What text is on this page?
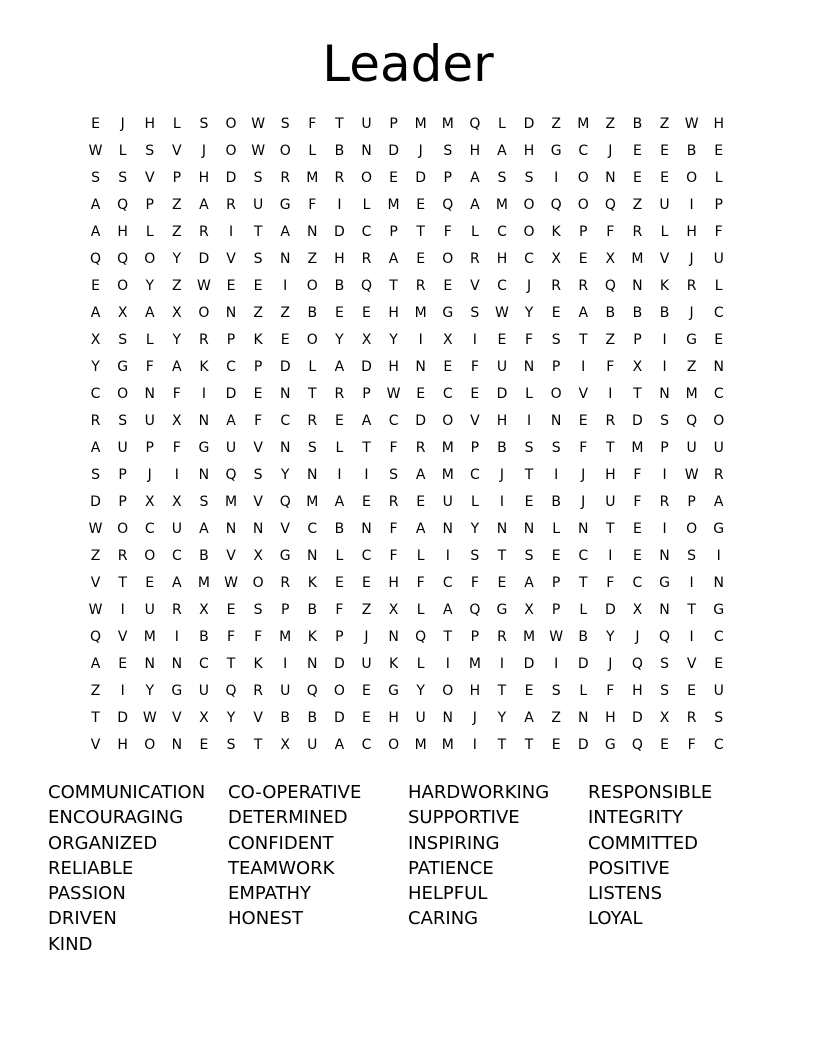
Leader
E	J	H	L	S	O	W	S	F	T	U	P	M	M	Q	L	D	Z	M	Z	B	Z	W	H
W	L	S	V	J	O	W	O	L	B	N	D	J	S	H	A	H	G	C	J	E	E	B	E
S	S	V	P	H	D	S	R	M	R	O	E	D	P	A	S	S	I	O	N	E	E	O	L
A	Q	P	Z	A	R	U	G	F	I	L	M	E	Q	A	M	O	Q	O	Q	Z	U	I	P
A	H	L	Z	R	I	T	A	N	D	C	P	T	F	L	C	O	K	P	F	R	L	H	F
Q	Q	O	Y	D	V	S	N	Z	H	R	A	E	O	R	H	C	X	E	X	M	V	J	U
E	O	Y	Z	W	E	E	I	O	B	Q	T	R	E	V	C	J	R	R	Q	N	K	R	L
A	X	A	X	O	N	Z	Z	B	E	E	H	M	G	S	W	Y	E	A	B	B	B	J	C
X	S	L	Y	R	P	K	E	O	Y	X	Y	I	X	I	E	F	S	T	Z	P	I	G	E
Y	G	F	A	K	C	P	D	L	A	D	H	N	E	F	U	N	P	I	F	X	I	Z	N
C	O	N	F	I	D	E	N	T	R	P	W	E	C	E	D	L	O	V	I	T	N	M	C
R	S	U	X	N	A	F	C	R	E	A	C	D	O	V	H	I	N	E	R	D	S	Q	O
A	U	P	F	G	U	V	N	S	L	T	F	R	M	P	B	S	S	F	T	M	P	U	U
S	P	J	I	N	Q	S	Y	N	I	I	S	A	M	C	J	T	I	J	H	F	I	W	R
D	P	X	X	S	M	V	Q	M	A	E	R	E	U	L	I	E	B	J	U	F	R	P	A
W	O	C	U	A	N	N	V	C	B	N	F	A	N	Y	N	N	L	N	T	E	I	O	G
Z	R	O	C	B	V	X	G	N	L	C	F	L	I	S	T	S	E	C	I	E	N	S	I
V	T	E	A	M	W	O	R	K	E	E	H	F	C	F	E	A	P	T	F	C	G	I	N
W	I	U	R	X	E	S	P	B	F	Z	X	L	A	Q	G	X	P	L	D	X	N	T	G
Q	V	M	I	B	F	F	M	K	P	J	N	Q	T	P	R	M	W	B	Y	J	Q	I	C
A	E	N	N	C	T	K	I	N	D	U	K	L	I	M	I	D	I	D	J	Q	S	V	E
Z	I	Y	G	U	Q	R	U	Q	O	E	G	Y	O	H	T	E	S	L	F	H	S	E	U
T	D	W	V	X	Y	V	B	B	D	E	H	U	N	J	Y	A	Z	N	H	D	X	R	S
V	H	O	N	E	S	T	X	U	A	C	O	M	M	I	T	T	E	D	G	Q	E	F	C
COMMUNICATION
ENCOURAGING
ORGANIZED
RELIABLE
PASSION
DRIVEN
KIND
CO-OPERATIVE
DETERMINED
CONFIDENT
TEAMWORK
EMPATHY
HONEST
HARDWORKING
SUPPORTIVE
INSPIRING
PATIENCE
HELPFUL
CARING
RESPONSIBLE
INTEGRITY
COMMITTED
POSITIVE
LISTENS
LOYAL
